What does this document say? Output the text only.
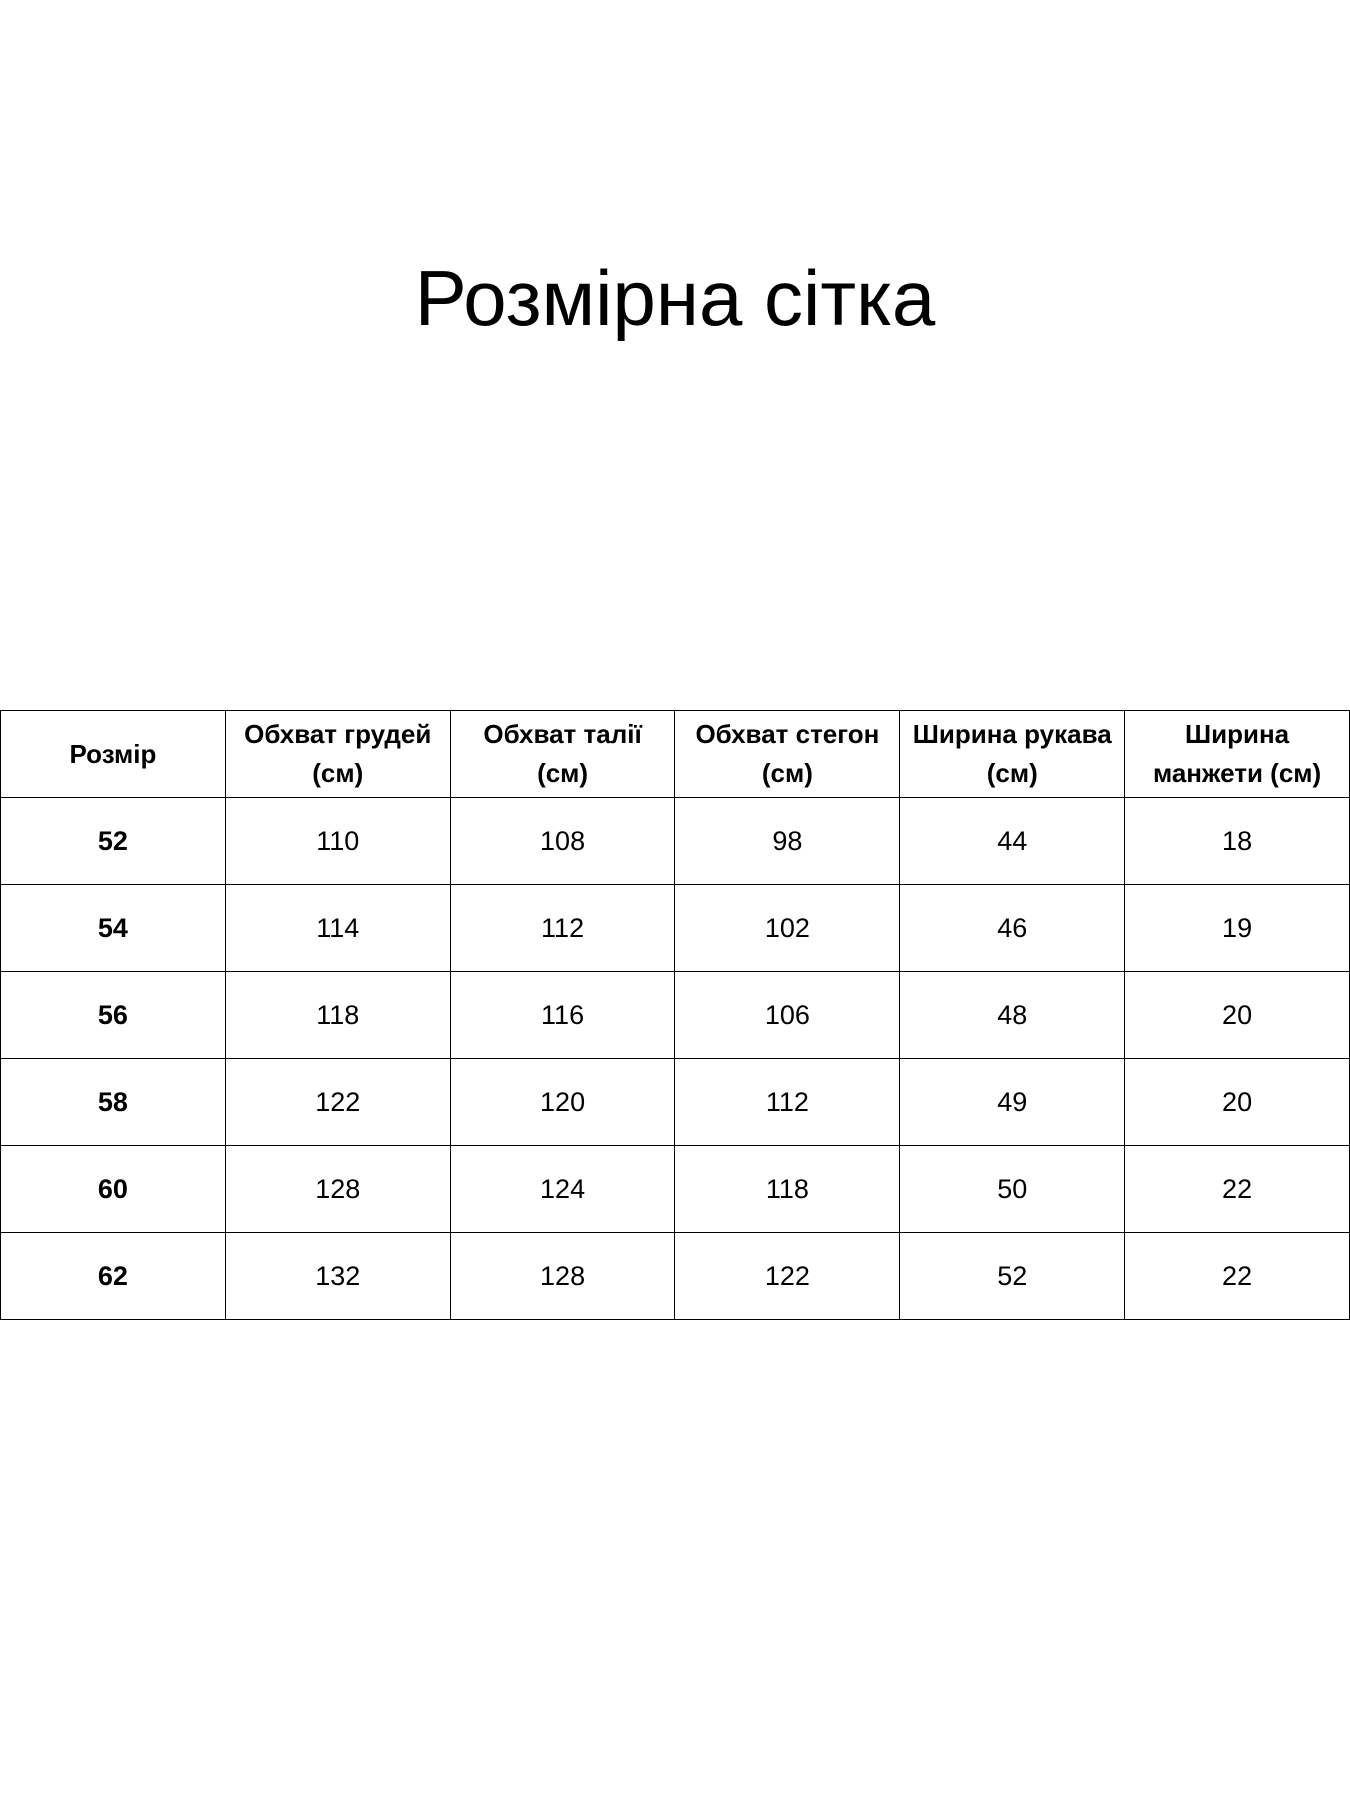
Розмірна сітка
Розмір	Обхват грудей (см)	Обхват талії (см)	Обхват стегон (см)	Ширина рукава (см)	Ширина манжети (см)
52	110	108	98	44	18
54	114	112	102	46	19
56	118	116	106	48	20
58	122	120	112	49	20
60	128	124	118	50	22
62	132	128	122	52	22
